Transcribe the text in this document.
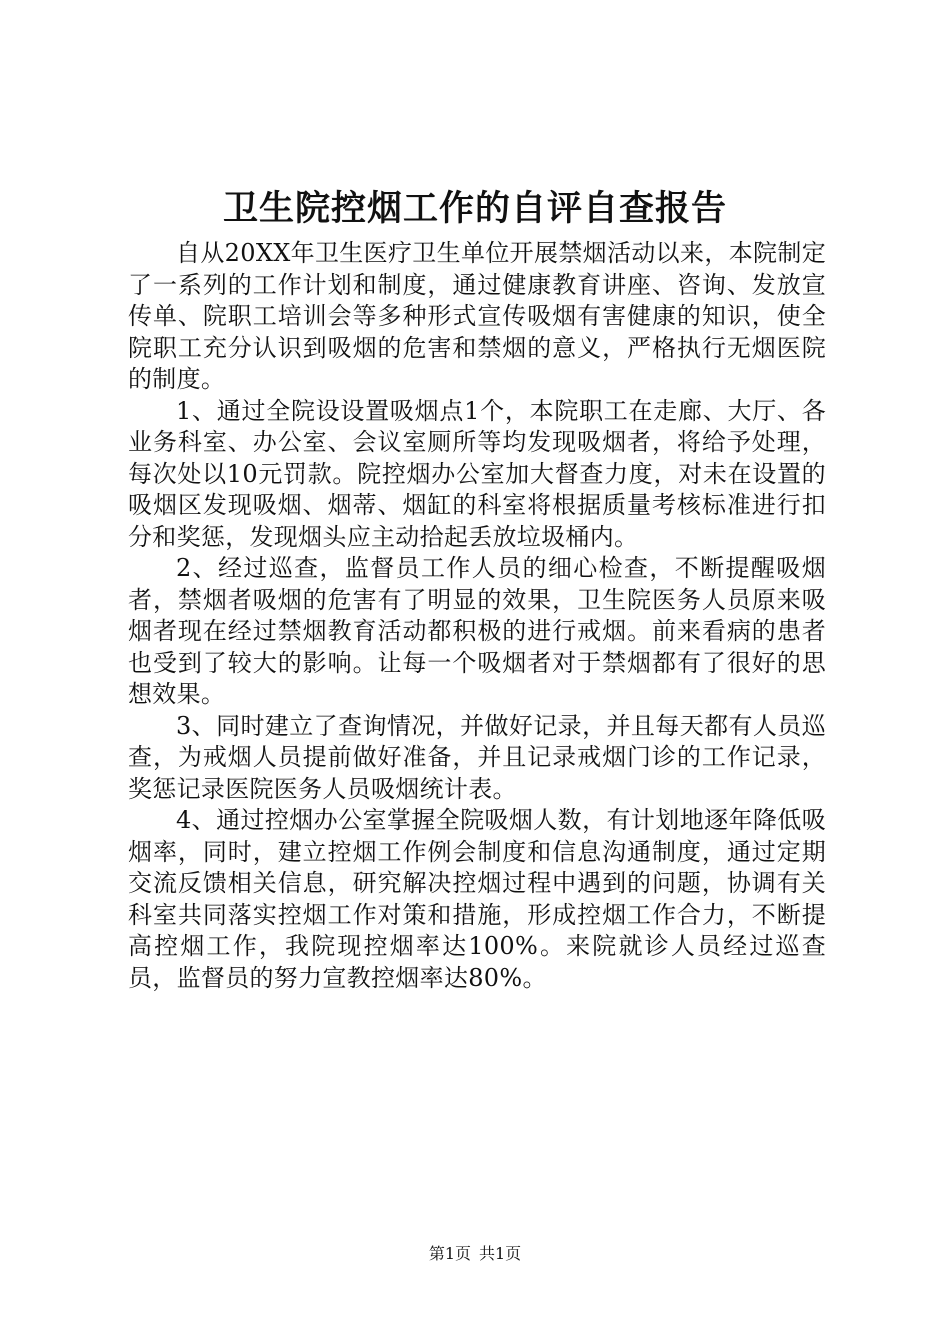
卫生院控烟工作的自评自查报告

自从20XX年卫生医疗卫生单位开展禁烟活动以来，本院制定了一系列的工作计划和制度，通过健康教育讲座、咨询、发放宣传单、院职工培训会等多种形式宣传吸烟有害健康的知识，使全院职工充分认识到吸烟的危害和禁烟的意义，严格执行无烟医院的制度。

1、通过全院设设置吸烟点1个，本院职工在走廊、大厅、各业务科室、办公室、会议室厕所等均发现吸烟者，将给予处理，每次处以10元罚款。院控烟办公室加大督查力度，对未在设置的吸烟区发现吸烟、烟蒂、烟缸的科室将根据质量考核标准进行扣分和奖惩，发现烟头应主动拾起丢放垃圾桶内。

2、经过巡查，监督员工作人员的细心检查，不断提醒吸烟者，禁烟者吸烟的危害有了明显的效果，卫生院医务人员原来吸烟者现在经过禁烟教育活动都积极的进行戒烟。前来看病的患者也受到了较大的影响。让每一个吸烟者对于禁烟都有了很好的思想效果。

3、同时建立了查询情况，并做好记录，并且每天都有人员巡查，为戒烟人员提前做好准备，并且记录戒烟门诊的工作记录，奖惩记录医院医务人员吸烟统计表。

4、通过控烟办公室掌握全院吸烟人数，有计划地逐年降低吸烟率，同时，建立控烟工作例会制度和信息沟通制度，通过定期交流反馈相关信息，研究解决控烟过程中遇到的问题，协调有关科室共同落实控烟工作对策和措施，形成控烟工作合力，不断提高控烟工作，我院现控烟率达100%。来院就诊人员经过巡查员，监督员的努力宣教控烟率达80%。

第1页 共1页
